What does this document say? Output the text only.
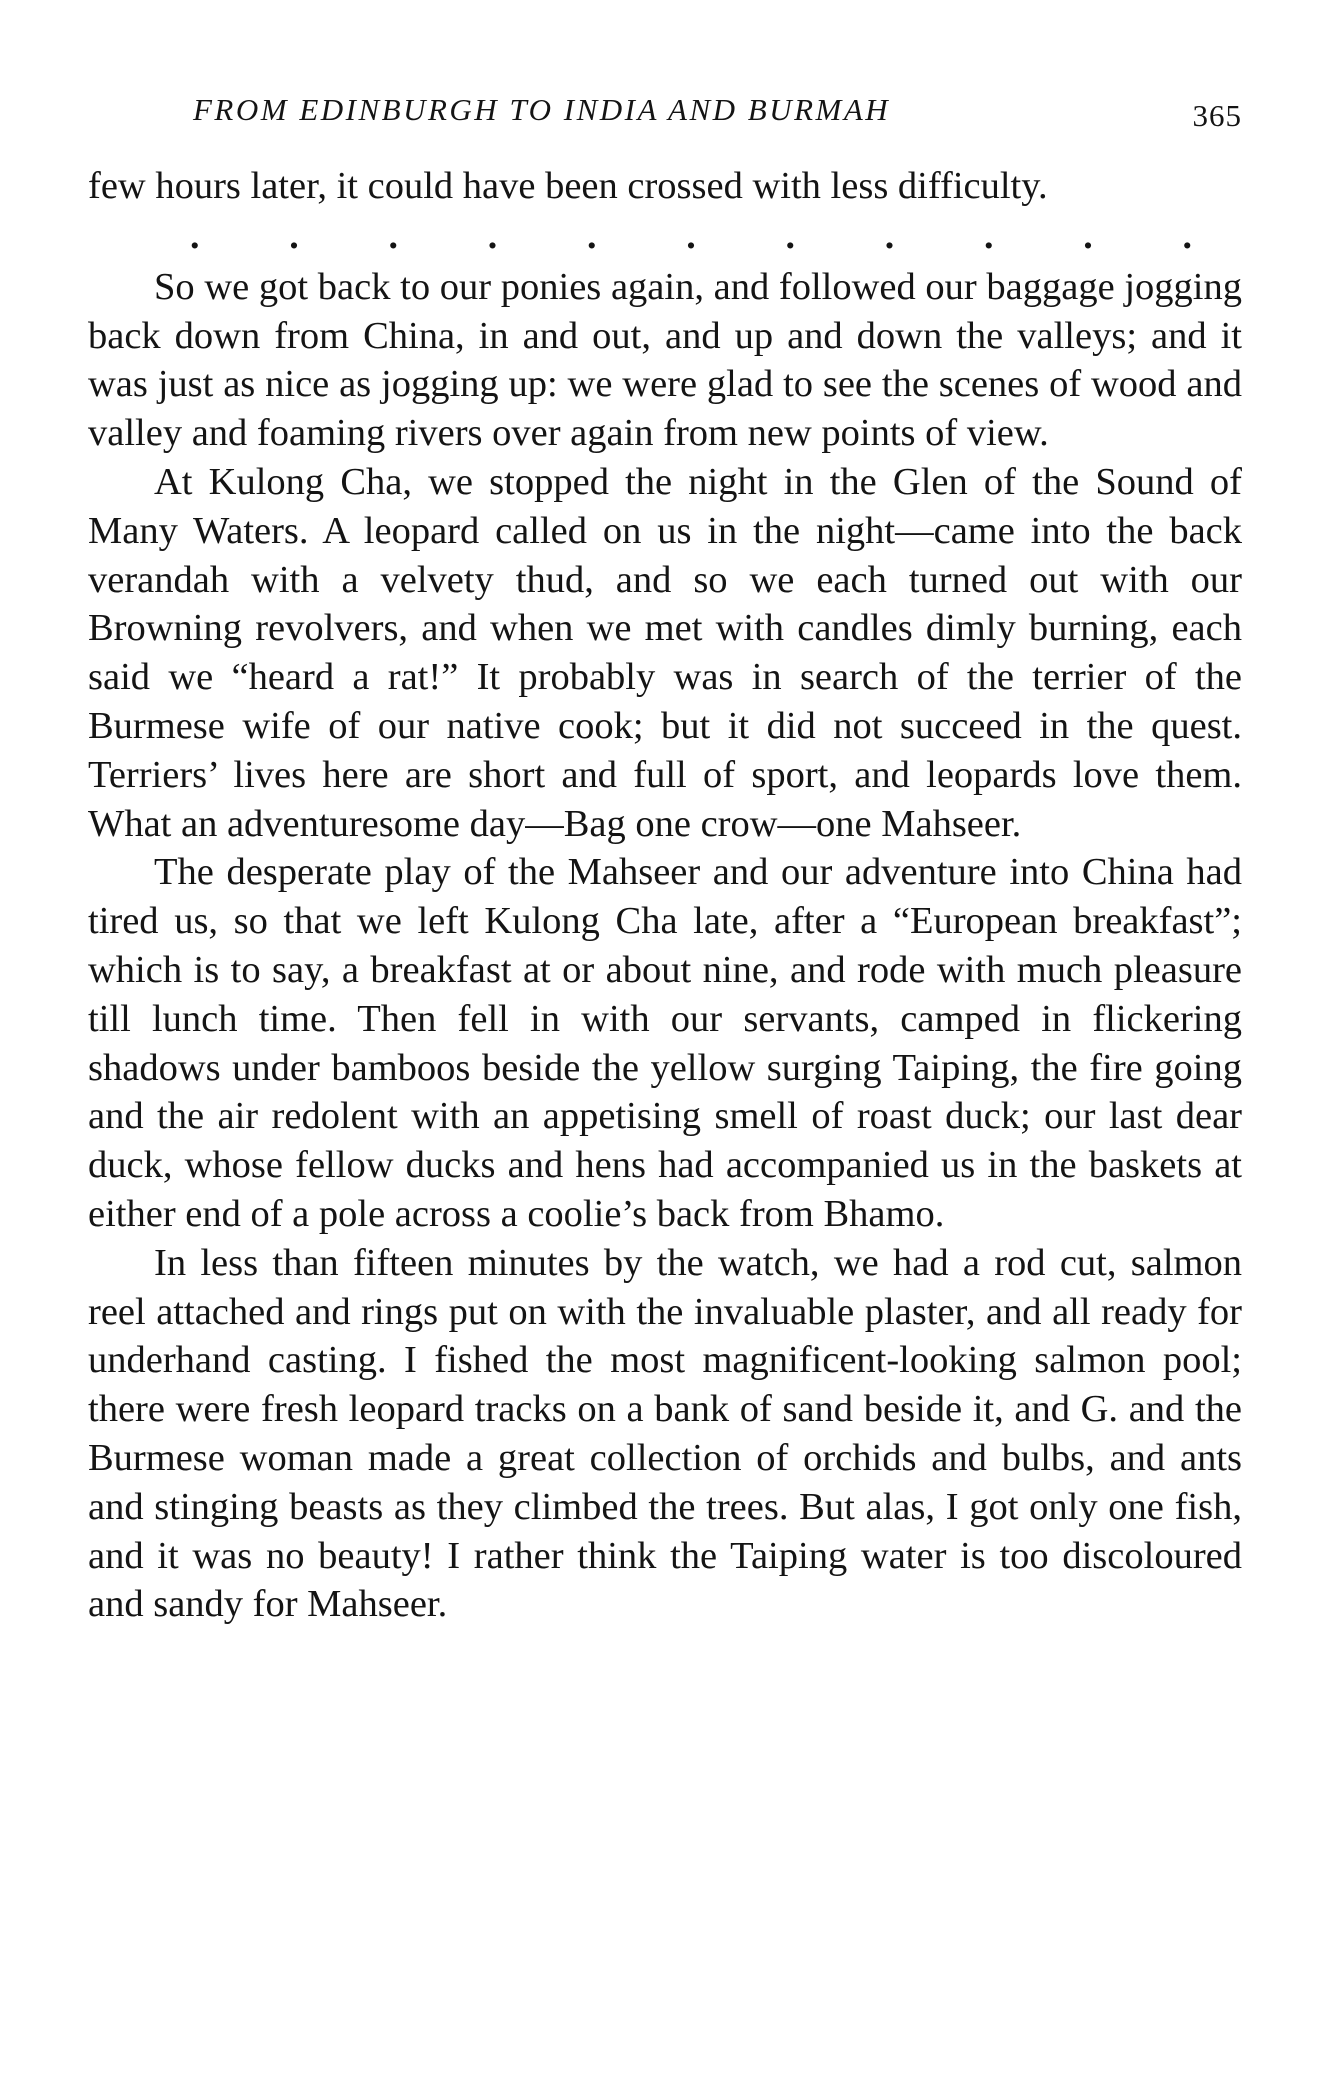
FROM EDINBURGH TO INDIA AND BURMAH	365

few hours later, it could have been crossed with less difficulty.

. . . . . . . . . . .

So we got back to our ponies again, and followed our baggage jogging back down from China, in and out, and up and down the valleys; and it was just as nice as jogging up: we were glad to see the scenes of wood and valley and foaming rivers over again from new points of view.

At Kulong Cha, we stopped the night in the Glen of the Sound of Many Waters. A leopard called on us in the night—came into the back verandah with a velvety thud, and so we each turned out with our Browning revolvers, and when we met with candles dimly burning, each said we “heard a rat!” It probably was in search of the terrier of the Burmese wife of our native cook; but it did not succeed in the quest. Terriers’ lives here are short and full of sport, and leopards love them. What an adventuresome day—Bag one crow—one Mahseer.

The desperate play of the Mahseer and our adventure into China had tired us, so that we left Kulong Cha late, after a “European breakfast”; which is to say, a breakfast at or about nine, and rode with much pleasure till lunch time. Then fell in with our servants, camped in flickering shadows under bamboos beside the yellow surging Taiping, the fire going and the air redolent with an appetising smell of roast duck; our last dear duck, whose fellow ducks and hens had accompanied us in the baskets at either end of a pole across a coolie’s back from Bhamo.

In less than fifteen minutes by the watch, we had a rod cut, salmon reel attached and rings put on with the invaluable plaster, and all ready for underhand casting. I fished the most magnificent-looking salmon pool; there were fresh leopard tracks on a bank of sand beside it, and G. and the Burmese woman made a great collection of orchids and bulbs, and ants and stinging beasts as they climbed the trees. But alas, I got only one fish, and it was no beauty! I rather think the Taiping water is too discoloured and sandy for Mahseer.
